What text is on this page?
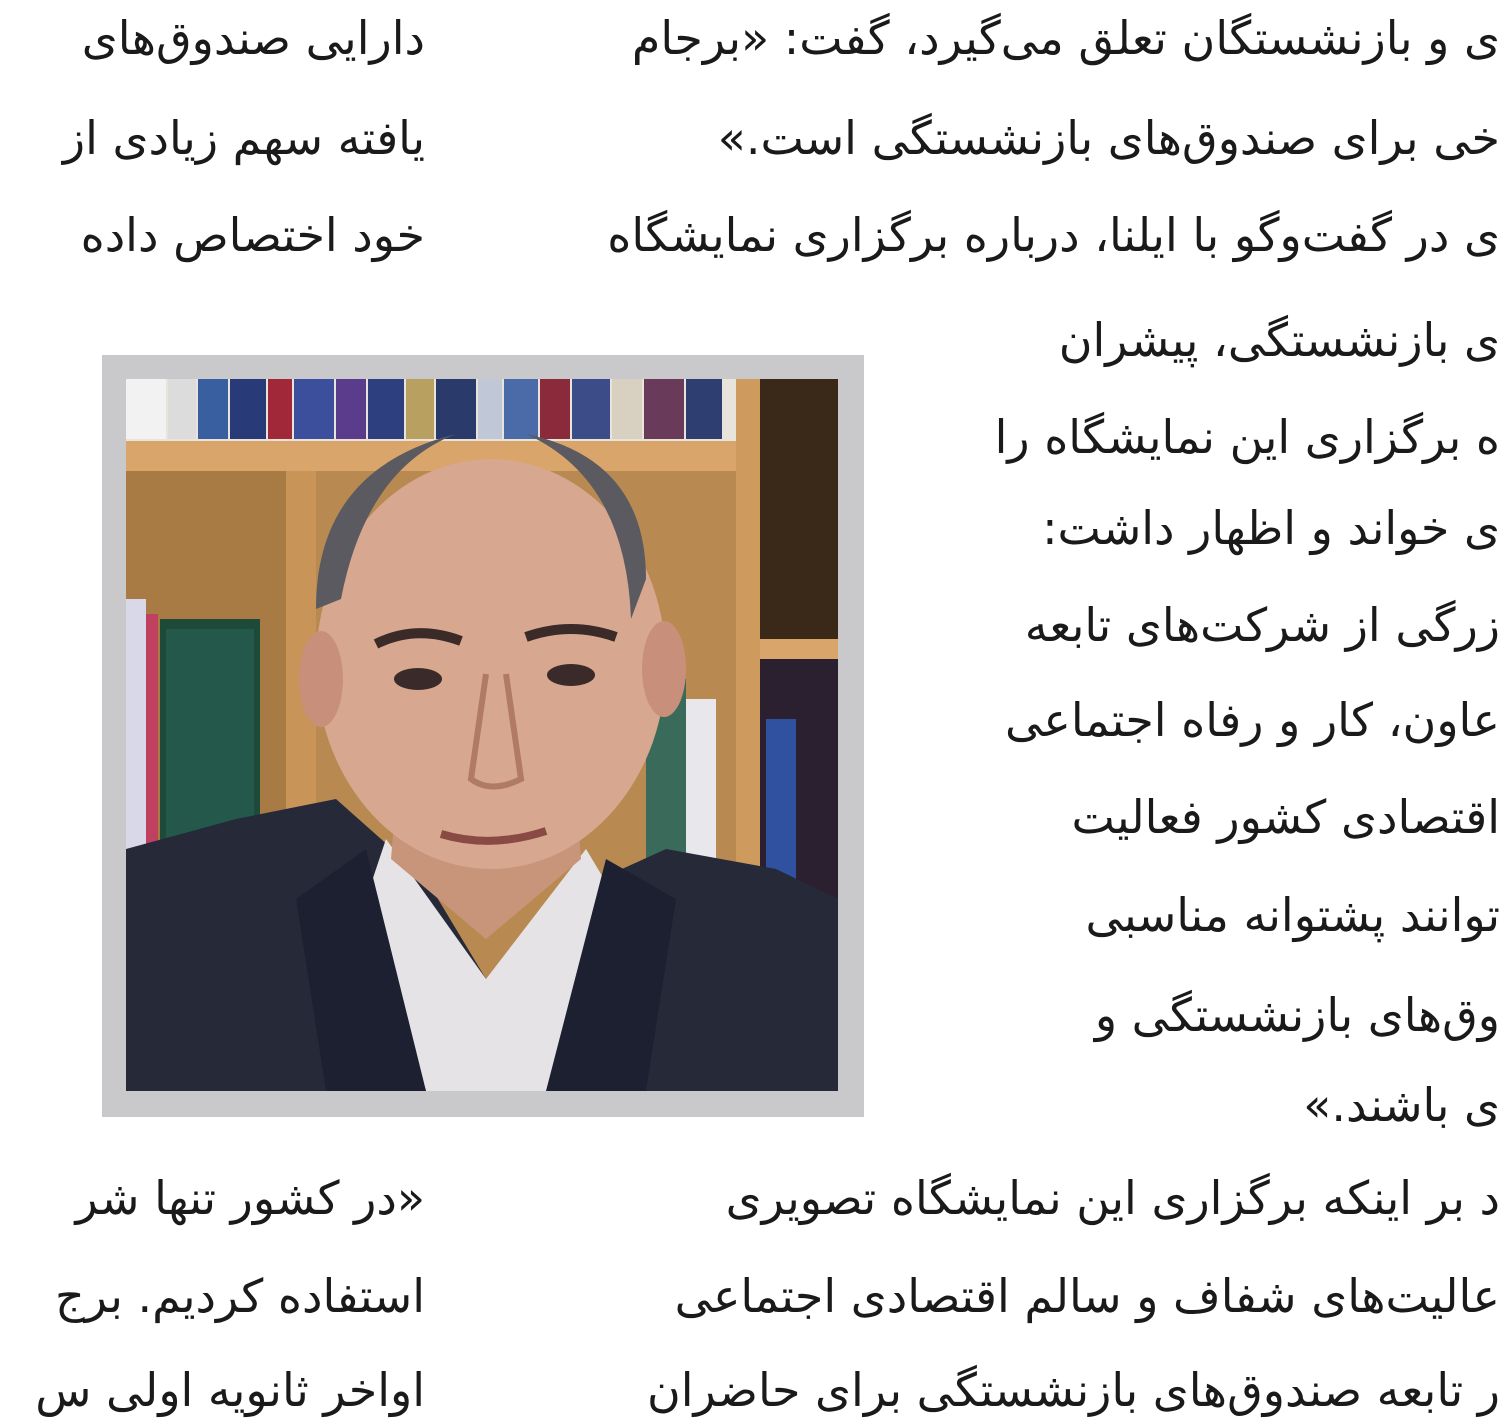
دارایی صندوق‌های
یافته سهم زیادی از
خود اختصاص داده
«در کشور تنها شر
استفاده کردیم. برج
اواخر ثانویه اولی س
ی و بازنشستگان تعلق می‌گیرد، گفت: «برجام
خی برای صندوق‌های بازنشستگی است.»
ی در گفت‌وگو با ایلنا، درباره برگزاری نمایشگاه
ی بازنشستگی، پیشران
ه برگزاری این نمایشگاه را
ی خواند و اظهار داشت:
زرگی از شرکت‌های تابعه
عاون، کار و رفاه اجتماعی
اقتصادی کشور فعالیت
توانند پشتوانه مناسبی
وق‌های بازنشستگی و
ی باشند.»
د بر اینکه برگزاری این نمایشگاه تصویری
عالیت‌های شفاف و سالم اقتصادی اجتماعی
ر تابعه صندوق‌های بازنشستگی برای حاضران
